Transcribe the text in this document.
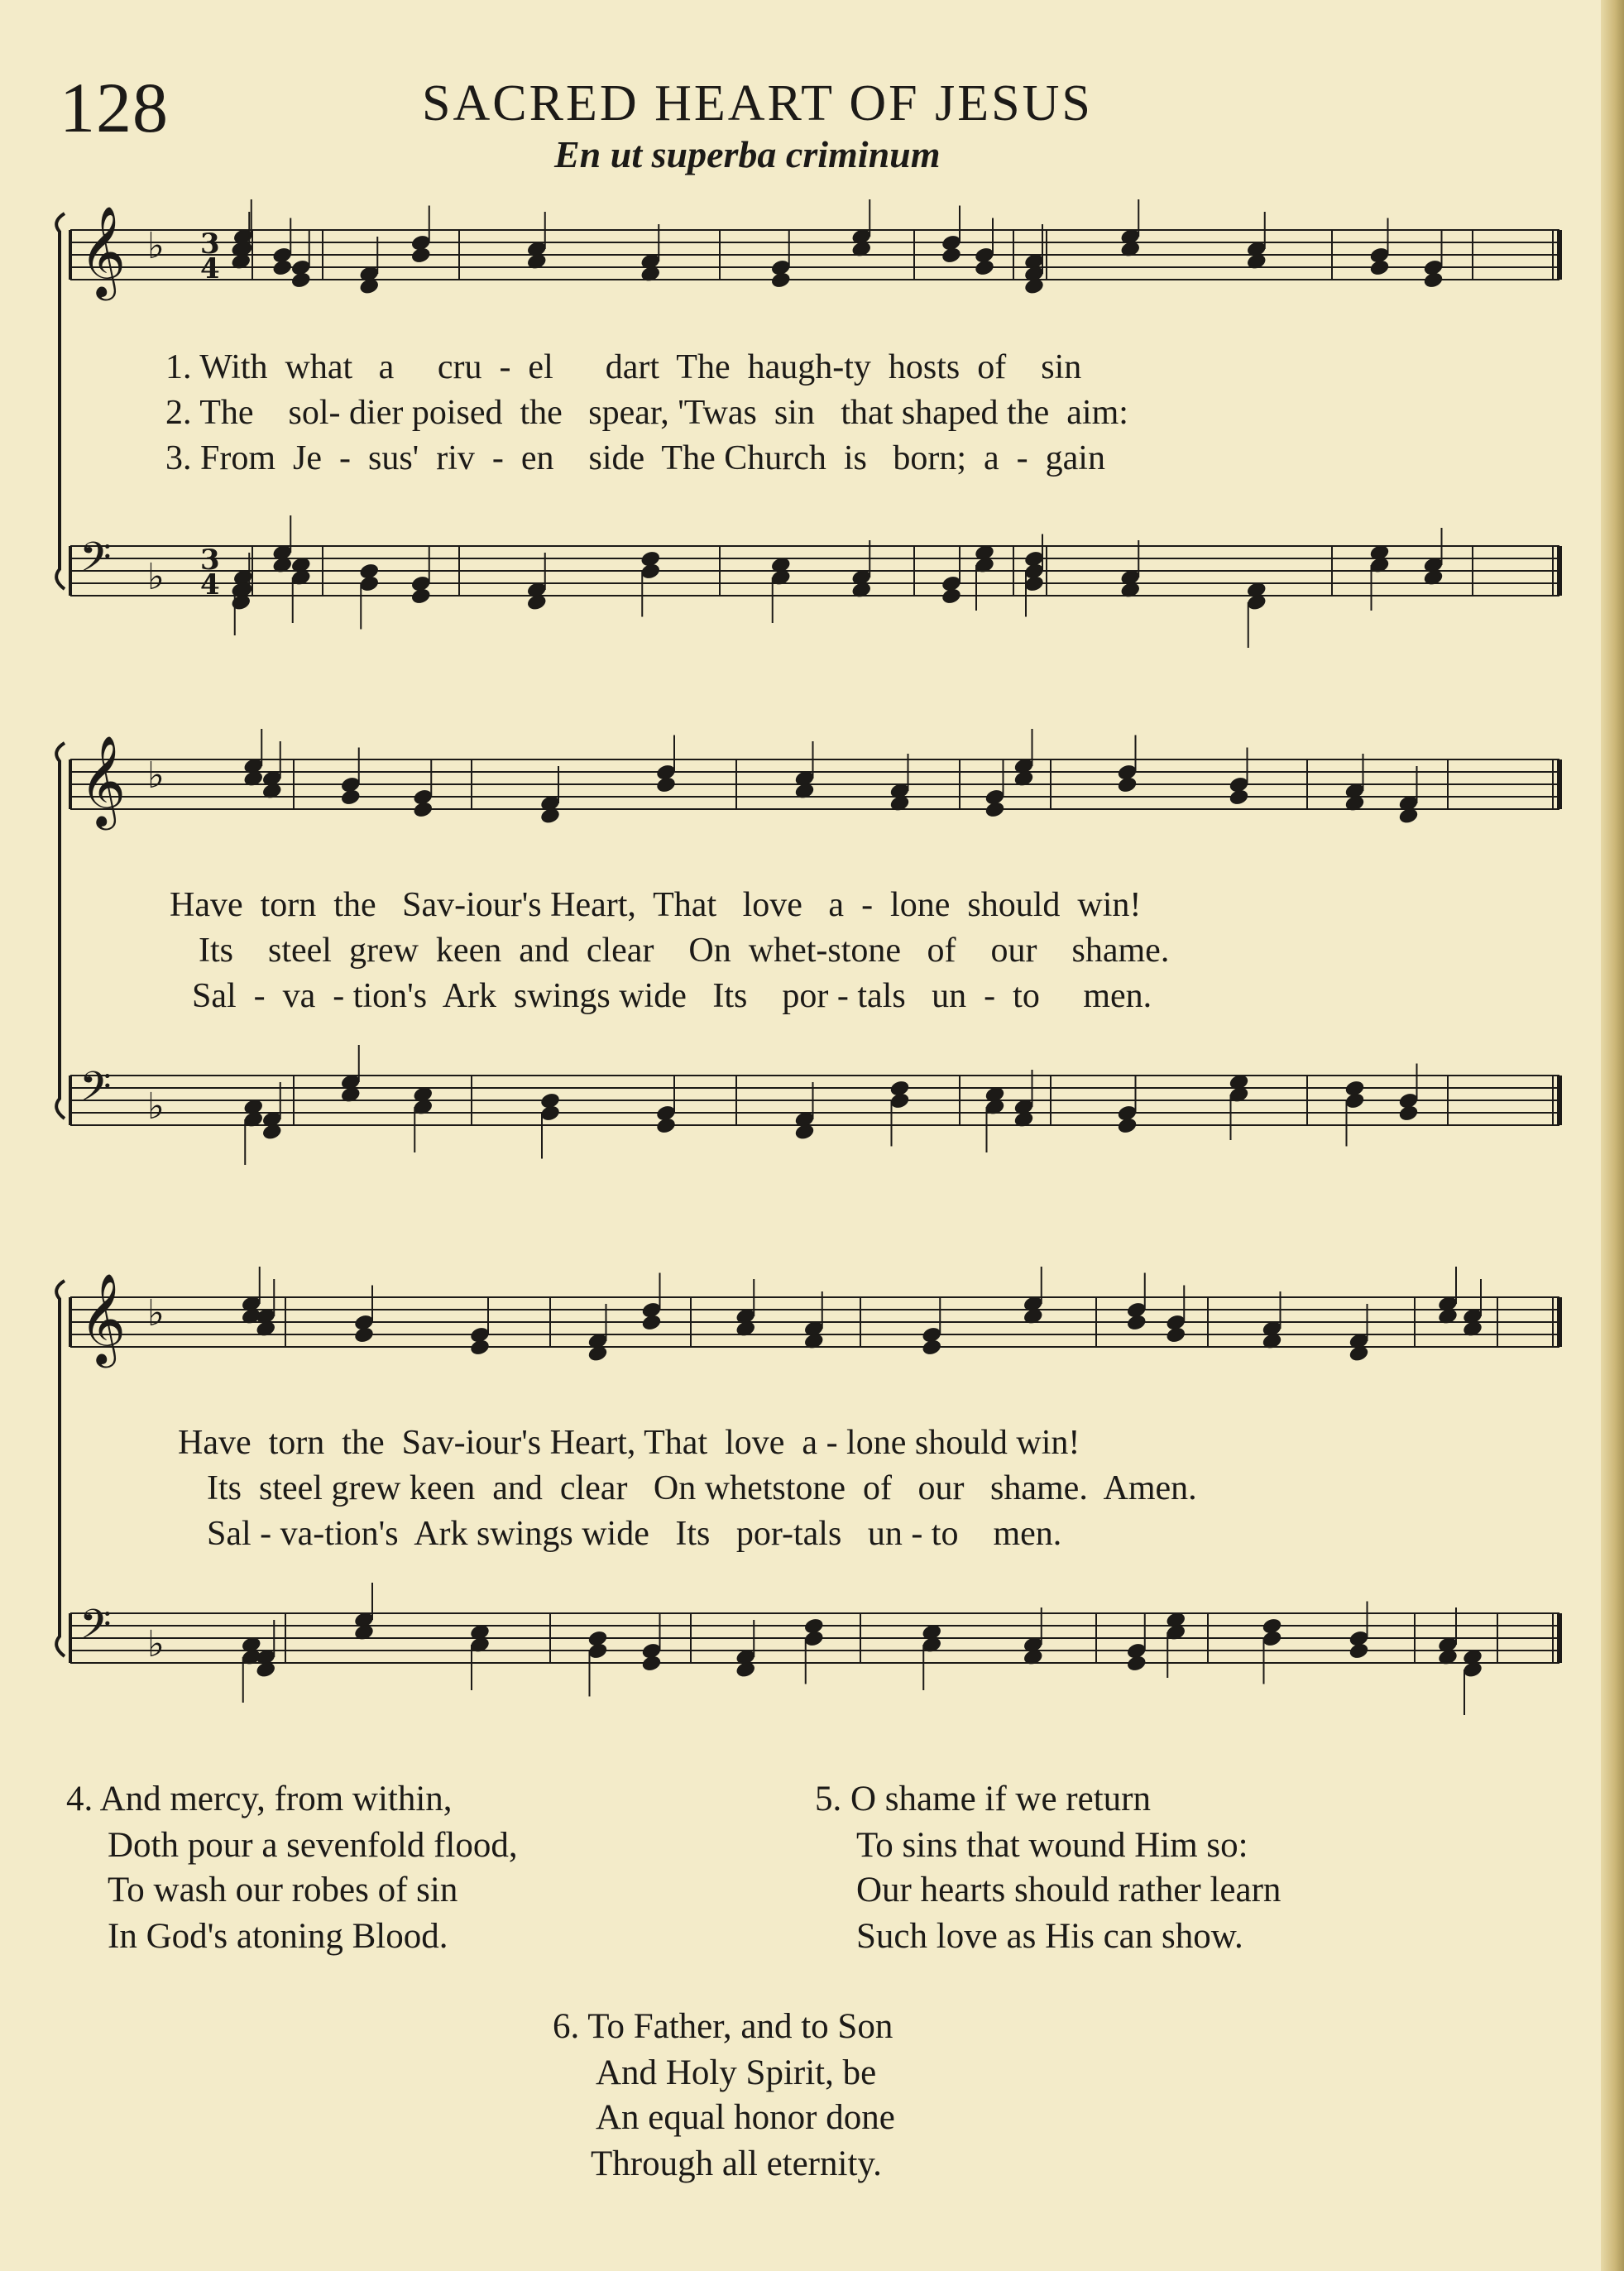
128	SACRED HEART OF JESUS
En ut superba criminum
𝄞 ♭ 3
4
𝄢 ♭ 3
4
1. With  what   a     cru  -  el      dart  The  haugh-ty  hosts  of    sin
2. The    sol- dier poised  the   spear, 'Twas  sin   that shaped the  aim:
3. From  Je  -  sus'  riv  -  en    side  The Church  is   born;  a  -  gain
𝄞 ♭
𝄢 ♭
Have  torn  the   Sav-iour's Heart,  That   love   a  -  lone  should  win!
Its    steel  grew  keen  and  clear    On  whet-stone   of    our    shame.
Sal  -  va  - tion's  Ark  swings wide   Its    por - tals   un  -  to     men.
𝄞 ♭
𝄢 ♭
Have  torn  the  Sav-iour's Heart, That  love  a - lone should win!
Its  steel grew keen  and  clear   On whetstone  of   our   shame.  Amen.
Sal - va-tion's  Ark swings wide   Its   por-tals   un - to    men.
4. And mercy, from within,
Doth pour a sevenfold flood,
To wash our robes of sin
In God's atoning Blood.
5. O shame if we return
To sins that wound Him so:
Our hearts should rather learn
Such love as His can show.
6. To Father, and to Son
And Holy Spirit, be
An equal honor done
Through all eternity.
